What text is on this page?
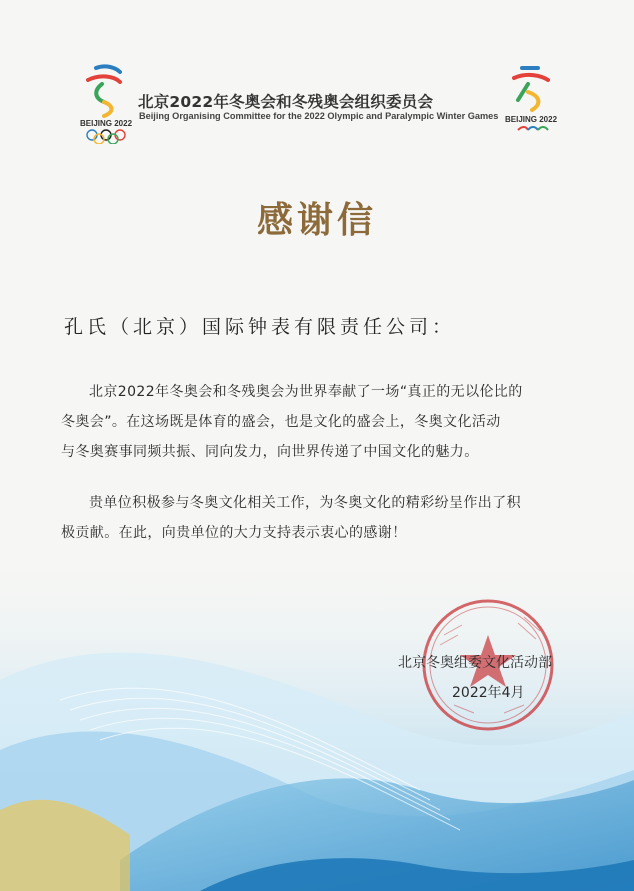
BEIJING 2022
北京2022年冬奥会和冬残奥会组织委员会
Beijing Organising Committee for the 2022 Olympic and Paralympic Winter Games BEIJING 2022
感谢信
孔氏（北京）国际钟表有限责任公司：
北京2022年冬奥会和冬残奥会为世界奉献了一场“真正的无以伦比的
冬奥会”。在这场既是体育的盛会，也是文化的盛会上，冬奥文化活动
与冬奥赛事同频共振、同向发力，向世界传递了中国文化的魅力。
贵单位积极参与冬奥文化相关工作，为冬奥文化的精彩纷呈作出了积
极贡献。在此，向贵单位的大力支持表示衷心的感谢！
北京冬奥组委文化活动部
2022年4月
